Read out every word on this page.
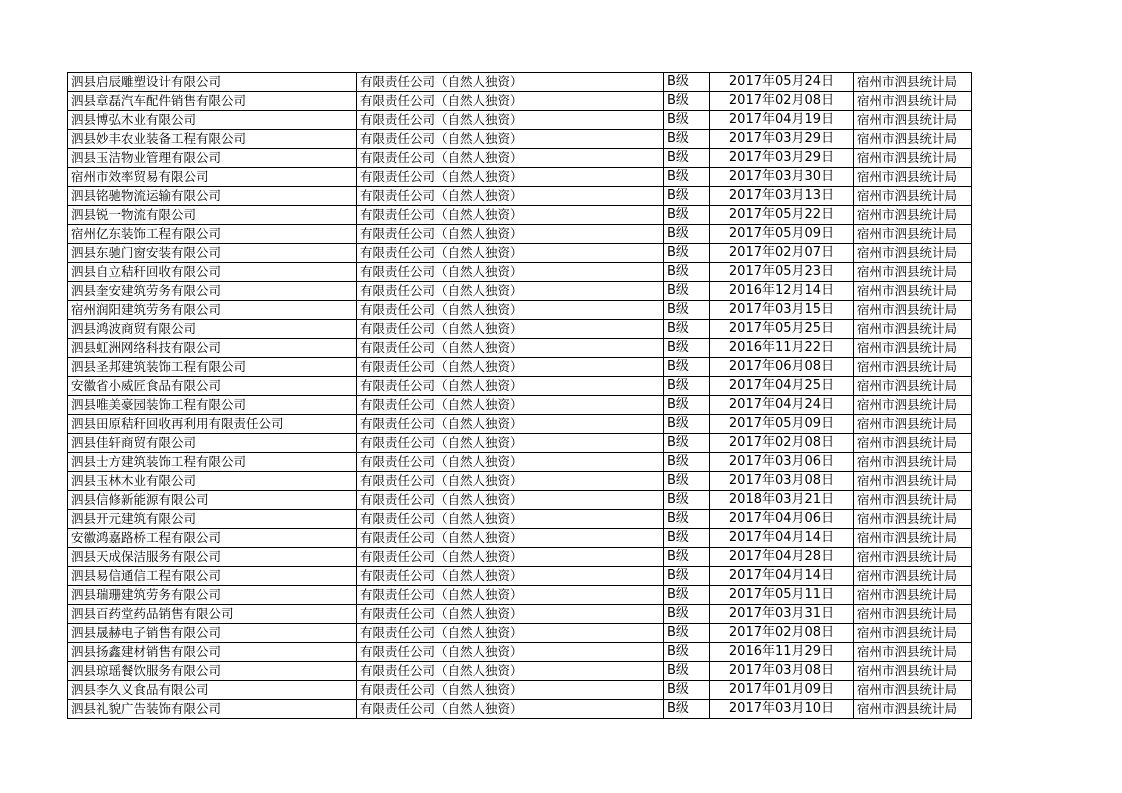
泗县启辰雕塑设计有限公司	有限责任公司（自然人独资）	B级	2017年05月24日	宿州市泗县统计局
泗县章磊汽车配件销售有限公司	有限责任公司（自然人独资）	B级	2017年02月08日	宿州市泗县统计局
泗县博弘木业有限公司	有限责任公司（自然人独资）	B级	2017年04月19日	宿州市泗县统计局
泗县妙丰农业装备工程有限公司	有限责任公司（自然人独资）	B级	2017年03月29日	宿州市泗县统计局
泗县玉洁物业管理有限公司	有限责任公司（自然人独资）	B级	2017年03月29日	宿州市泗县统计局
宿州市效率贸易有限公司	有限责任公司（自然人独资）	B级	2017年03月30日	宿州市泗县统计局
泗县铭驰物流运输有限公司	有限责任公司（自然人独资）	B级	2017年03月13日	宿州市泗县统计局
泗县锐一物流有限公司	有限责任公司（自然人独资）	B级	2017年05月22日	宿州市泗县统计局
宿州亿东装饰工程有限公司	有限责任公司（自然人独资）	B级	2017年05月09日	宿州市泗县统计局
泗县东驰门窗安装有限公司	有限责任公司（自然人独资）	B级	2017年02月07日	宿州市泗县统计局
泗县自立秸秆回收有限公司	有限责任公司（自然人独资）	B级	2017年05月23日	宿州市泗县统计局
泗县奎安建筑劳务有限公司	有限责任公司（自然人独资）	B级	2016年12月14日	宿州市泗县统计局
宿州润阳建筑劳务有限公司	有限责任公司（自然人独资）	B级	2017年03月15日	宿州市泗县统计局
泗县鸿波商贸有限公司	有限责任公司（自然人独资）	B级	2017年05月25日	宿州市泗县统计局
泗县虹洲网络科技有限公司	有限责任公司（自然人独资）	B级	2016年11月22日	宿州市泗县统计局
泗县圣邦建筑装饰工程有限公司	有限责任公司（自然人独资）	B级	2017年06月08日	宿州市泗县统计局
安徽省小威匠食品有限公司	有限责任公司（自然人独资）	B级	2017年04月25日	宿州市泗县统计局
泗县唯美豪园装饰工程有限公司	有限责任公司（自然人独资）	B级	2017年04月24日	宿州市泗县统计局
泗县田原秸秆回收再利用有限责任公司	有限责任公司（自然人独资）	B级	2017年05月09日	宿州市泗县统计局
泗县佳轩商贸有限公司	有限责任公司（自然人独资）	B级	2017年02月08日	宿州市泗县统计局
泗县士方建筑装饰工程有限公司	有限责任公司（自然人独资）	B级	2017年03月06日	宿州市泗县统计局
泗县玉林木业有限公司	有限责任公司（自然人独资）	B级	2017年03月08日	宿州市泗县统计局
泗县信修新能源有限公司	有限责任公司（自然人独资）	B级	2018年03月21日	宿州市泗县统计局
泗县开元建筑有限公司	有限责任公司（自然人独资）	B级	2017年04月06日	宿州市泗县统计局
安徽鸿嘉路桥工程有限公司	有限责任公司（自然人独资）	B级	2017年04月14日	宿州市泗县统计局
泗县天成保洁服务有限公司	有限责任公司（自然人独资）	B级	2017年04月28日	宿州市泗县统计局
泗县易信通信工程有限公司	有限责任公司（自然人独资）	B级	2017年04月14日	宿州市泗县统计局
泗县瑞珊建筑劳务有限公司	有限责任公司（自然人独资）	B级	2017年05月11日	宿州市泗县统计局
泗县百药堂药品销售有限公司	有限责任公司（自然人独资）	B级	2017年03月31日	宿州市泗县统计局
泗县晟赫电子销售有限公司	有限责任公司（自然人独资）	B级	2017年02月08日	宿州市泗县统计局
泗县扬鑫建材销售有限公司	有限责任公司（自然人独资）	B级	2016年11月29日	宿州市泗县统计局
泗县琼瑶餐饮服务有限公司	有限责任公司（自然人独资）	B级	2017年03月08日	宿州市泗县统计局
泗县李久义食品有限公司	有限责任公司（自然人独资）	B级	2017年01月09日	宿州市泗县统计局
泗县礼貌广告装饰有限公司	有限责任公司（自然人独资）	B级	2017年03月10日	宿州市泗县统计局
